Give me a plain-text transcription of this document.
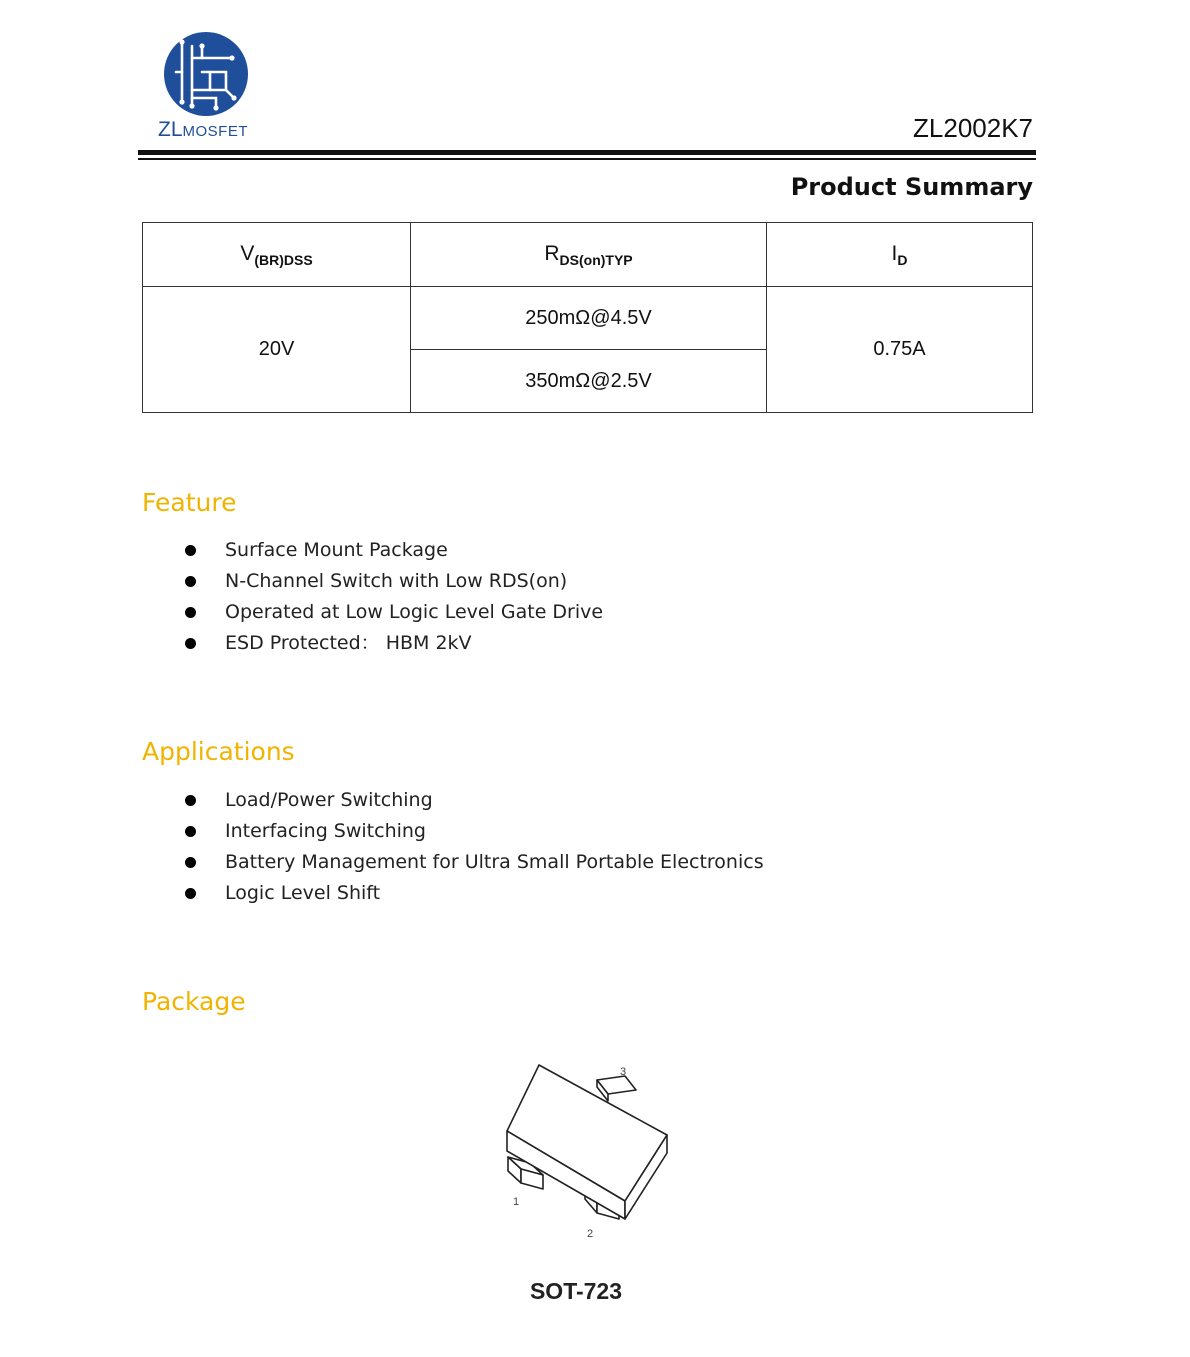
ZLMOSFET	ZL2002K7
Product Summary
$V_{(BR)DSS}$	$R_{DS(on)TYP}$	$I_D$
20V	250mΩ@4.5V	0.75A
	350mΩ@2.5V	
Feature
Surface Mount Package
N-Channel Switch with Low RDS(on)
Operated at Low Logic Level Gate Drive
ESD Protected： HBM 2kV
Applications
Load/Power Switching
Interfacing Switching
Battery Management for Ultra Small Portable Electronics
Logic Level Shift
Package
3
1
2
SOT-723
